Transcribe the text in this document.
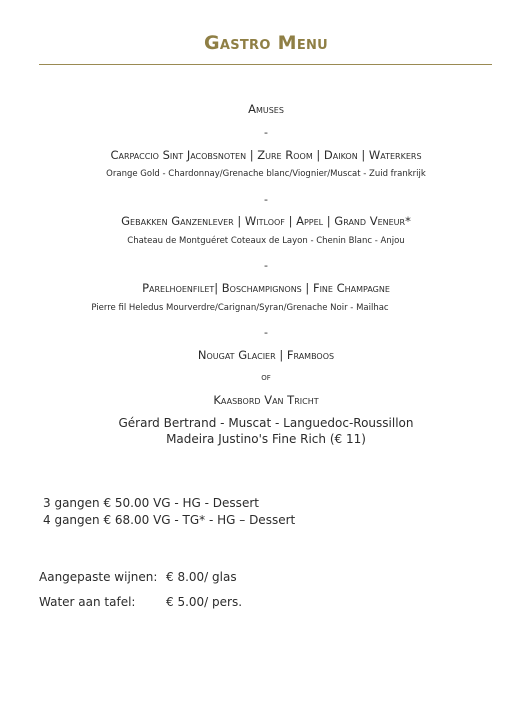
Gastro Menu
Amuses
-
Carpaccio Sint Jacobsnoten | Zure Room | Daikon | Waterkers
Orange Gold - Chardonnay/Grenache blanc/Viognier/Muscat - Zuid frankrijk
-
Gebakken Ganzenlever | Witloof | Appel | Grand Veneur*
Chateau de Montguéret Coteaux de Layon - Chenin Blanc - Anjou
-
Parelhoenfilet| Boschampignons | Fine Champagne
Pierre fil Heledus Mourverdre/Carignan/Syran/Grenache Noir - Mailhac
-
Nougat Glacier | Framboos
of
Kaasbord Van Tricht
Gérard Bertrand - Muscat - Languedoc-Roussillon
Madeira Justino's Fine Rich (€ 11)
3 gangen € 50.00 VG - HG - Dessert
4 gangen € 68.00 VG - TG* - HG – Dessert
Aangepaste wijnen: € 8.00/ glas
Water aan tafel:	€ 5.00/ pers.
